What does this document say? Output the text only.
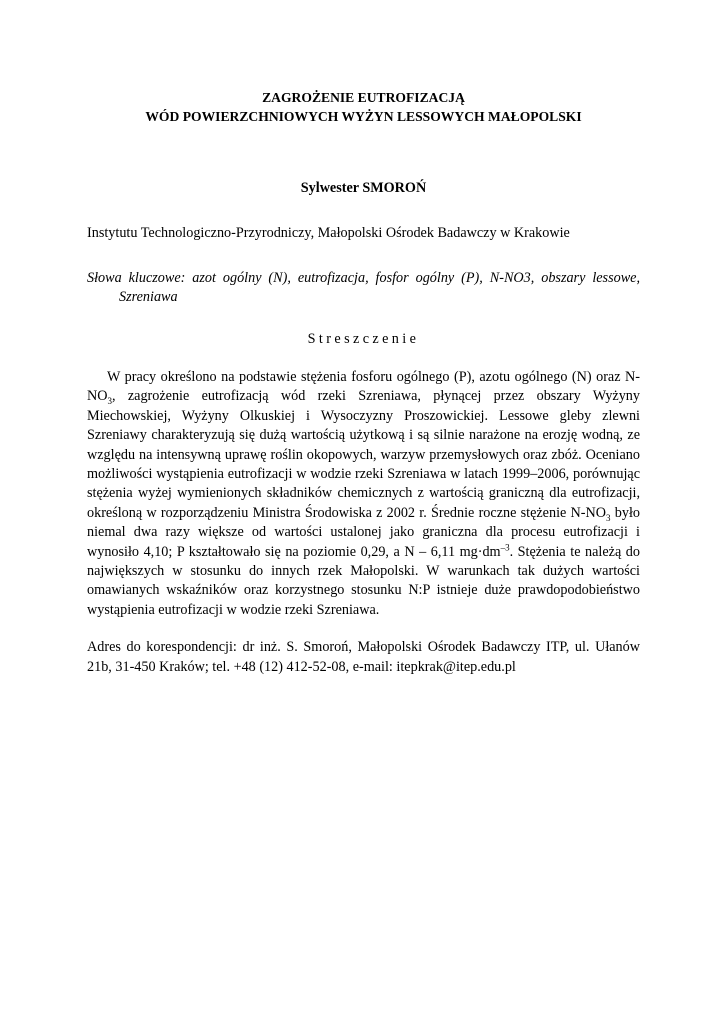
ZAGROŻENIE EUTROFIZACJĄ
WÓD POWIERZCHNIOWYCH WYŻYN LESSOWYCH MAŁOPOLSKI

Sylwester SMOROŃ

Instytutu Technologiczno-Przyrodniczy, Małopolski Ośrodek Badawczy w Krakowie

Słowa kluczowe: azot ogólny (N), eutrofizacja, fosfor ogólny (P), N-NO3, obszary lessowe, Szreniawa

Streszczenie

W pracy określono na podstawie stężenia fosforu ogólnego (P), azotu ogólnego (N) oraz $N-NO_3$, zagrożenie eutrofizacją wód rzeki Szreniawa, płynącej przez obszary Wyżyny Miechowskiej, Wyżyny Olkuskiej i Wysoczyzny Proszowickiej. Lessowe gleby zlewni Szreniawy charakteryzują się dużą wartością użytkową i są silnie narażone na erozję wodną, ze względu na intensywną uprawę roślin okopowych, warzyw przemysłowych oraz zbóż. Oceniano możliwości wystąpienia eutrofizacji w wodzie rzeki Szreniawa w latach 1999–2006, porównując stężenia wyżej wymienionych składników chemicznych z wartością graniczną dla eutrofizacji, określoną w rozporządzeniu Ministra Środowiska z 2002 r. Średnie roczne stężenie $N-NO_3$ było niemal dwa razy większe od wartości ustalonej jako graniczna dla procesu eutrofizacji i wynosiło 4,10; P kształtowało się na poziomie 0,29, a N – 6,11 $mg\cdot dm^{-3}$. Stężenia te należą do największych w stosunku do innych rzek Małopolski. W warunkach tak dużych wartości omawianych wskaźników oraz korzystnego stosunku N:P istnieje duże prawdopodobieństwo wystąpienia eutrofizacji w wodzie rzeki Szreniawa.

Adres do korespondencji: dr inż. S. Smoroń, Małopolski Ośrodek Badawczy ITP, ul. Ułanów 21b, 31-450 Kraków; tel. +48 (12) 412-52-08, e-mail: itepkrak@itep.edu.pl
